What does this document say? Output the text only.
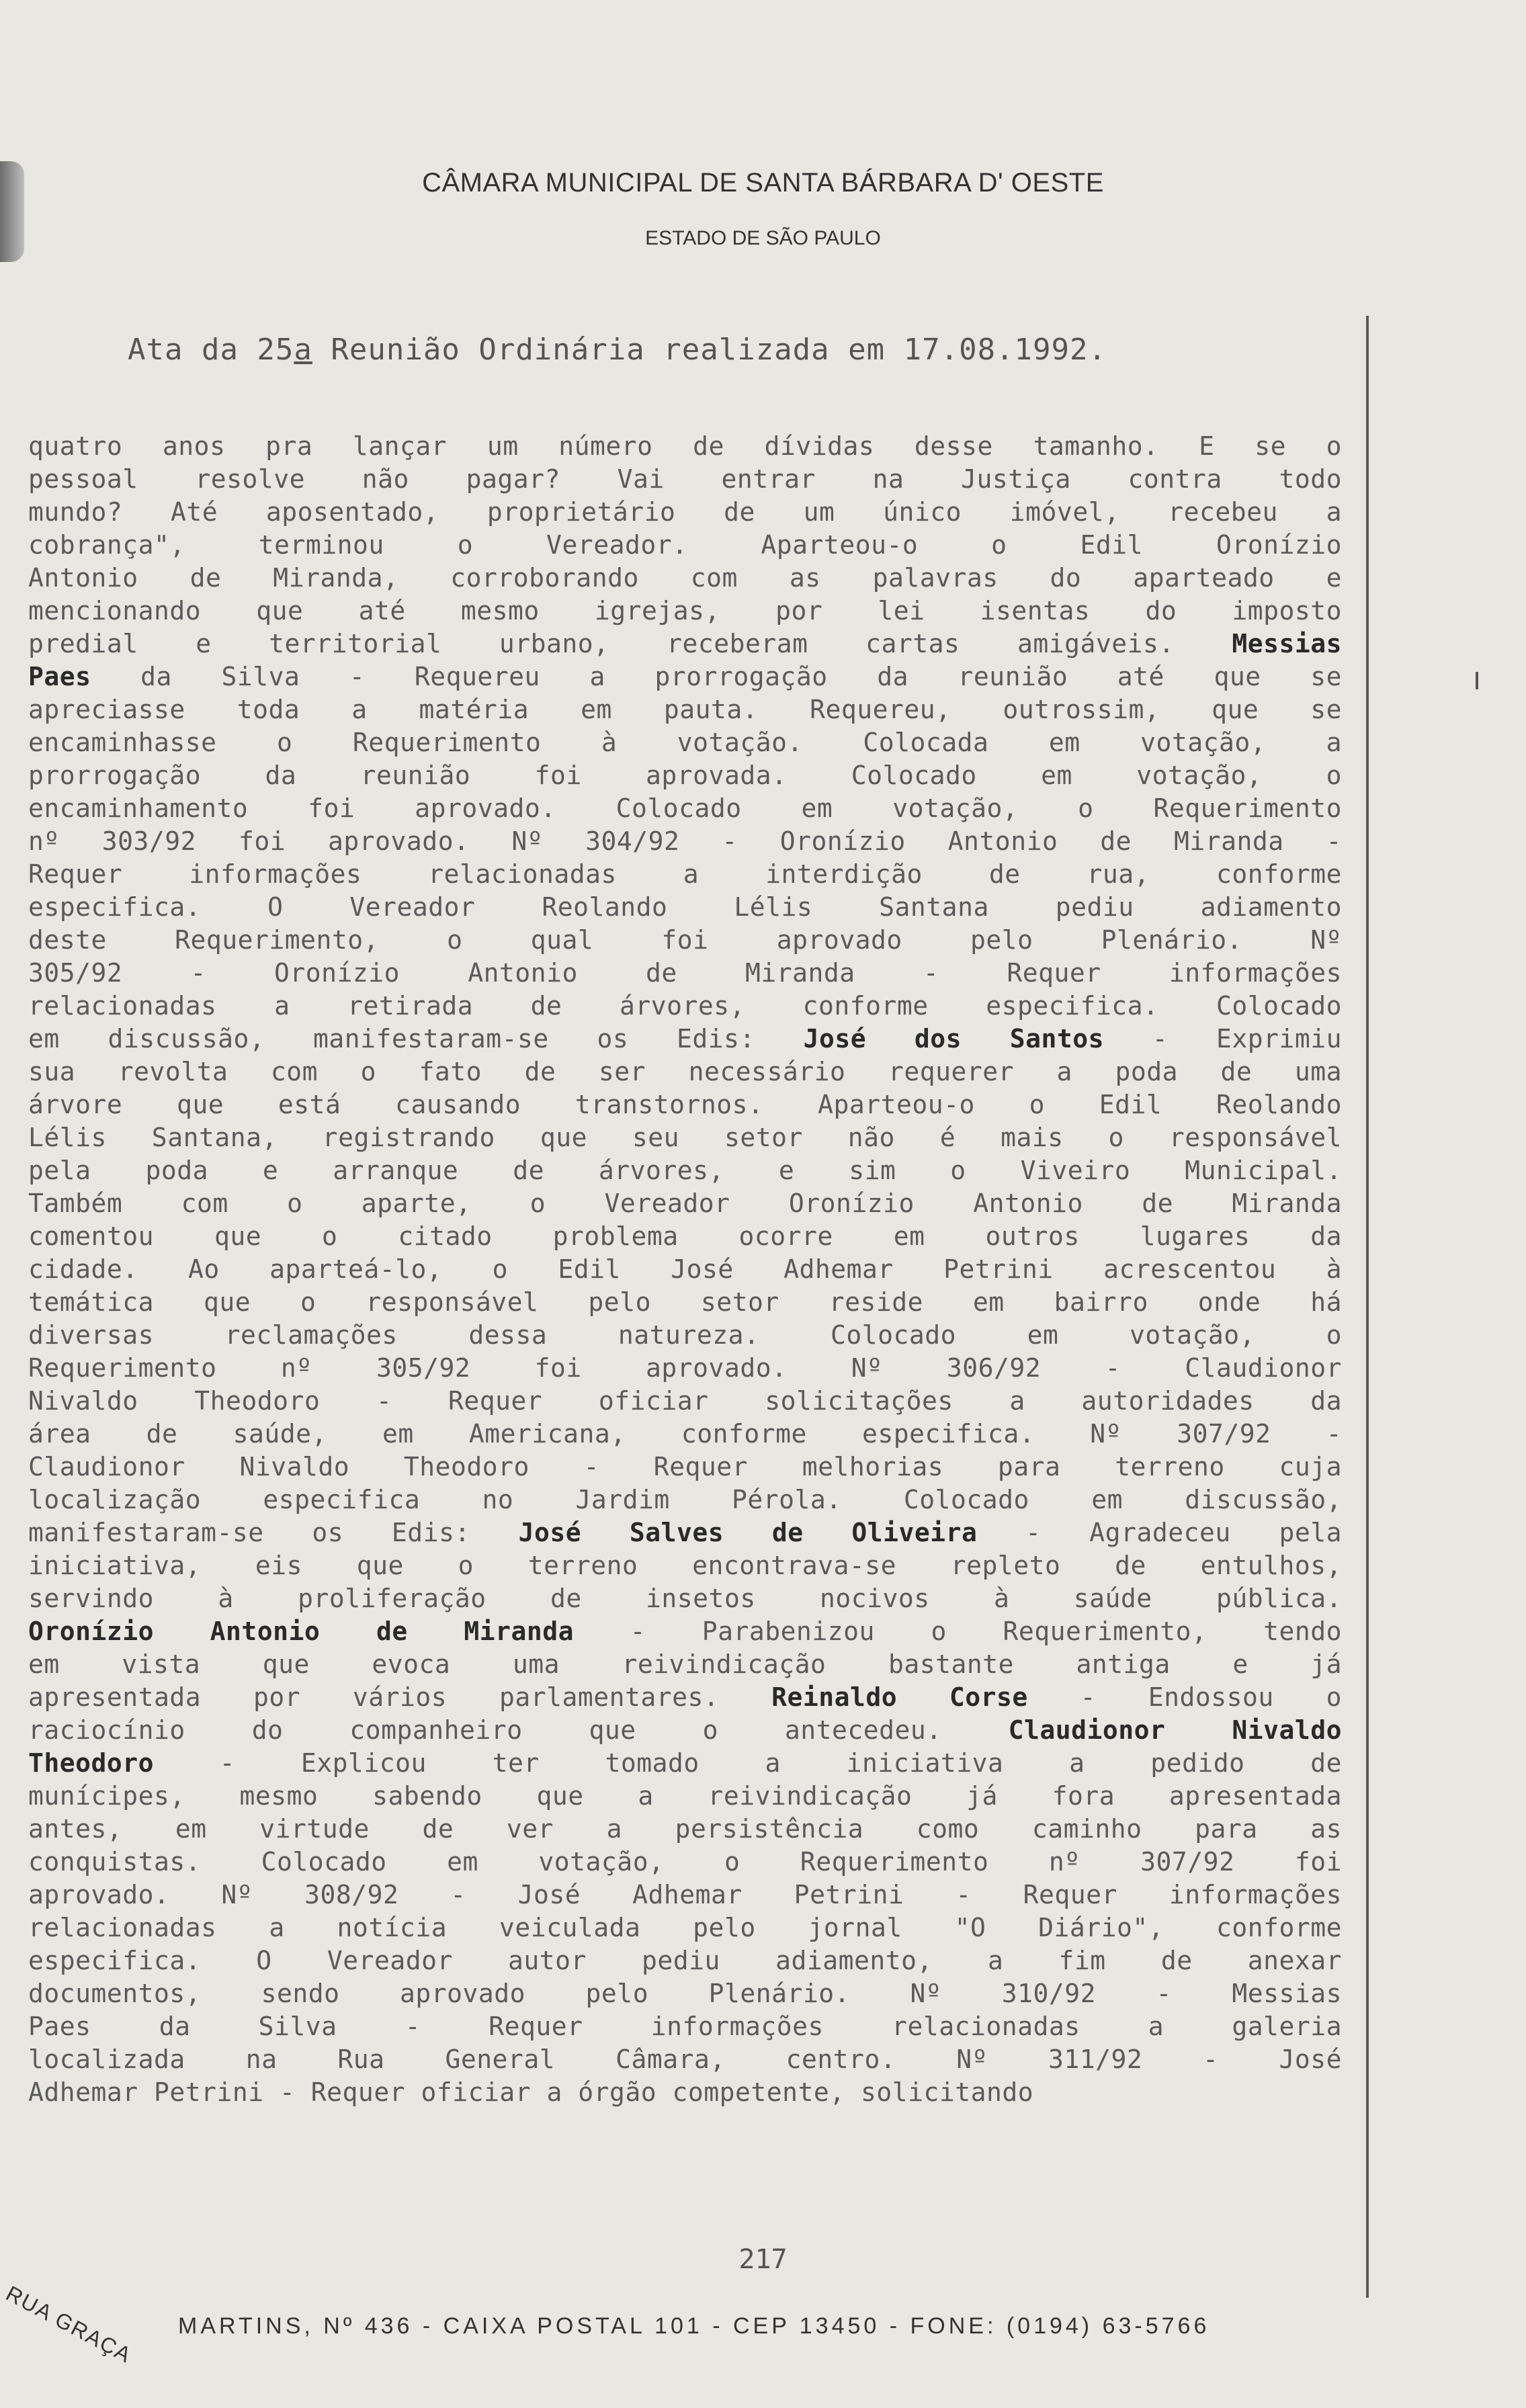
CÂMARA MUNICIPAL DE SANTA BÁRBARA D' OESTE
ESTADO DE SÃO PAULO
Ata da 25a Reunião Ordinária realizada em 17.08.1992.
quatro anos pra lançar um número de dívidas desse tamanho. E se o
pessoal resolve não pagar? Vai entrar na Justiça contra todo
mundo? Até aposentado, proprietário de um único imóvel, recebeu a
cobrança", terminou o Vereador. Aparteou-o o Edil Oronízio
Antonio de Miranda, corroborando com as palavras do aparteado e
mencionando que até mesmo igrejas, por lei isentas do imposto
predial e territorial urbano, receberam cartas amigáveis. Messias
Paes da Silva - Requereu a prorrogação da reunião até que se
apreciasse toda a matéria em pauta. Requereu, outrossim, que se
encaminhasse o Requerimento à votação. Colocada em votação, a
prorrogação da reunião foi aprovada. Colocado em votação, o
encaminhamento foi aprovado. Colocado em votação, o Requerimento
nº 303/92 foi aprovado. Nº 304/92 - Oronízio Antonio de Miranda -
Requer informações relacionadas a interdição de rua, conforme
especifica. O Vereador Reolando Lélis Santana pediu adiamento
deste Requerimento, o qual foi aprovado pelo Plenário. Nº
305/92 - Oronízio Antonio de Miranda - Requer informações
relacionadas a retirada de árvores, conforme especifica. Colocado
em discussão, manifestaram-se os Edis: José dos Santos - Exprimiu
sua revolta com o fato de ser necessário requerer a poda de uma
árvore que está causando transtornos. Aparteou-o o Edil Reolando
Lélis Santana, registrando que seu setor não é mais o responsável
pela poda e arranque de árvores, e sim o Viveiro Municipal.
Também com o aparte, o Vereador Oronízio Antonio de Miranda
comentou que o citado problema ocorre em outros lugares da
cidade. Ao aparteá-lo, o Edil José Adhemar Petrini acrescentou à
temática que o responsável pelo setor reside em bairro onde há
diversas reclamações dessa natureza. Colocado em votação, o
Requerimento nº 305/92 foi aprovado. Nº 306/92 - Claudionor
Nivaldo Theodoro - Requer oficiar solicitações a autoridades da
área de saúde, em Americana, conforme especifica. Nº 307/92 -
Claudionor Nivaldo Theodoro - Requer melhorias para terreno cuja
localização especifica no Jardim Pérola. Colocado em discussão,
manifestaram-se os Edis: José Salves de Oliveira - Agradeceu pela
iniciativa, eis que o terreno encontrava-se repleto de entulhos,
servindo à proliferação de insetos nocivos à saúde pública.
Oronízio Antonio de Miranda - Parabenizou o Requerimento, tendo
em vista que evoca uma reivindicação bastante antiga e já
apresentada por vários parlamentares. Reinaldo Corse - Endossou o
raciocínio do companheiro que o antecedeu.	Claudionor Nivaldo
Theodoro	- Explicou ter tomado a iniciativa a pedido de
munícipes, mesmo sabendo que a reivindicação já fora apresentada
antes, em virtude de ver a persistência como caminho para as
conquistas. Colocado em votação, o Requerimento nº 307/92 foi
aprovado. Nº 308/92 - José Adhemar Petrini - Requer informações
relacionadas a notícia veiculada pelo jornal "O Diário", conforme
especifica. O Vereador autor pediu adiamento, a fim de anexar
documentos, sendo aprovado pelo Plenário. Nº 310/92 - Messias
Paes da Silva - Requer informações relacionadas a galeria
localizada na Rua General Câmara, centro. Nº 311/92 - José
Adhemar Petrini - Requer oficiar a órgão competente, solicitando
217
RUA GRAÇA MARTINS, Nº 436 - CAIXA POSTAL 101 - CEP 13450 - FONE: (0194) 63-5766
